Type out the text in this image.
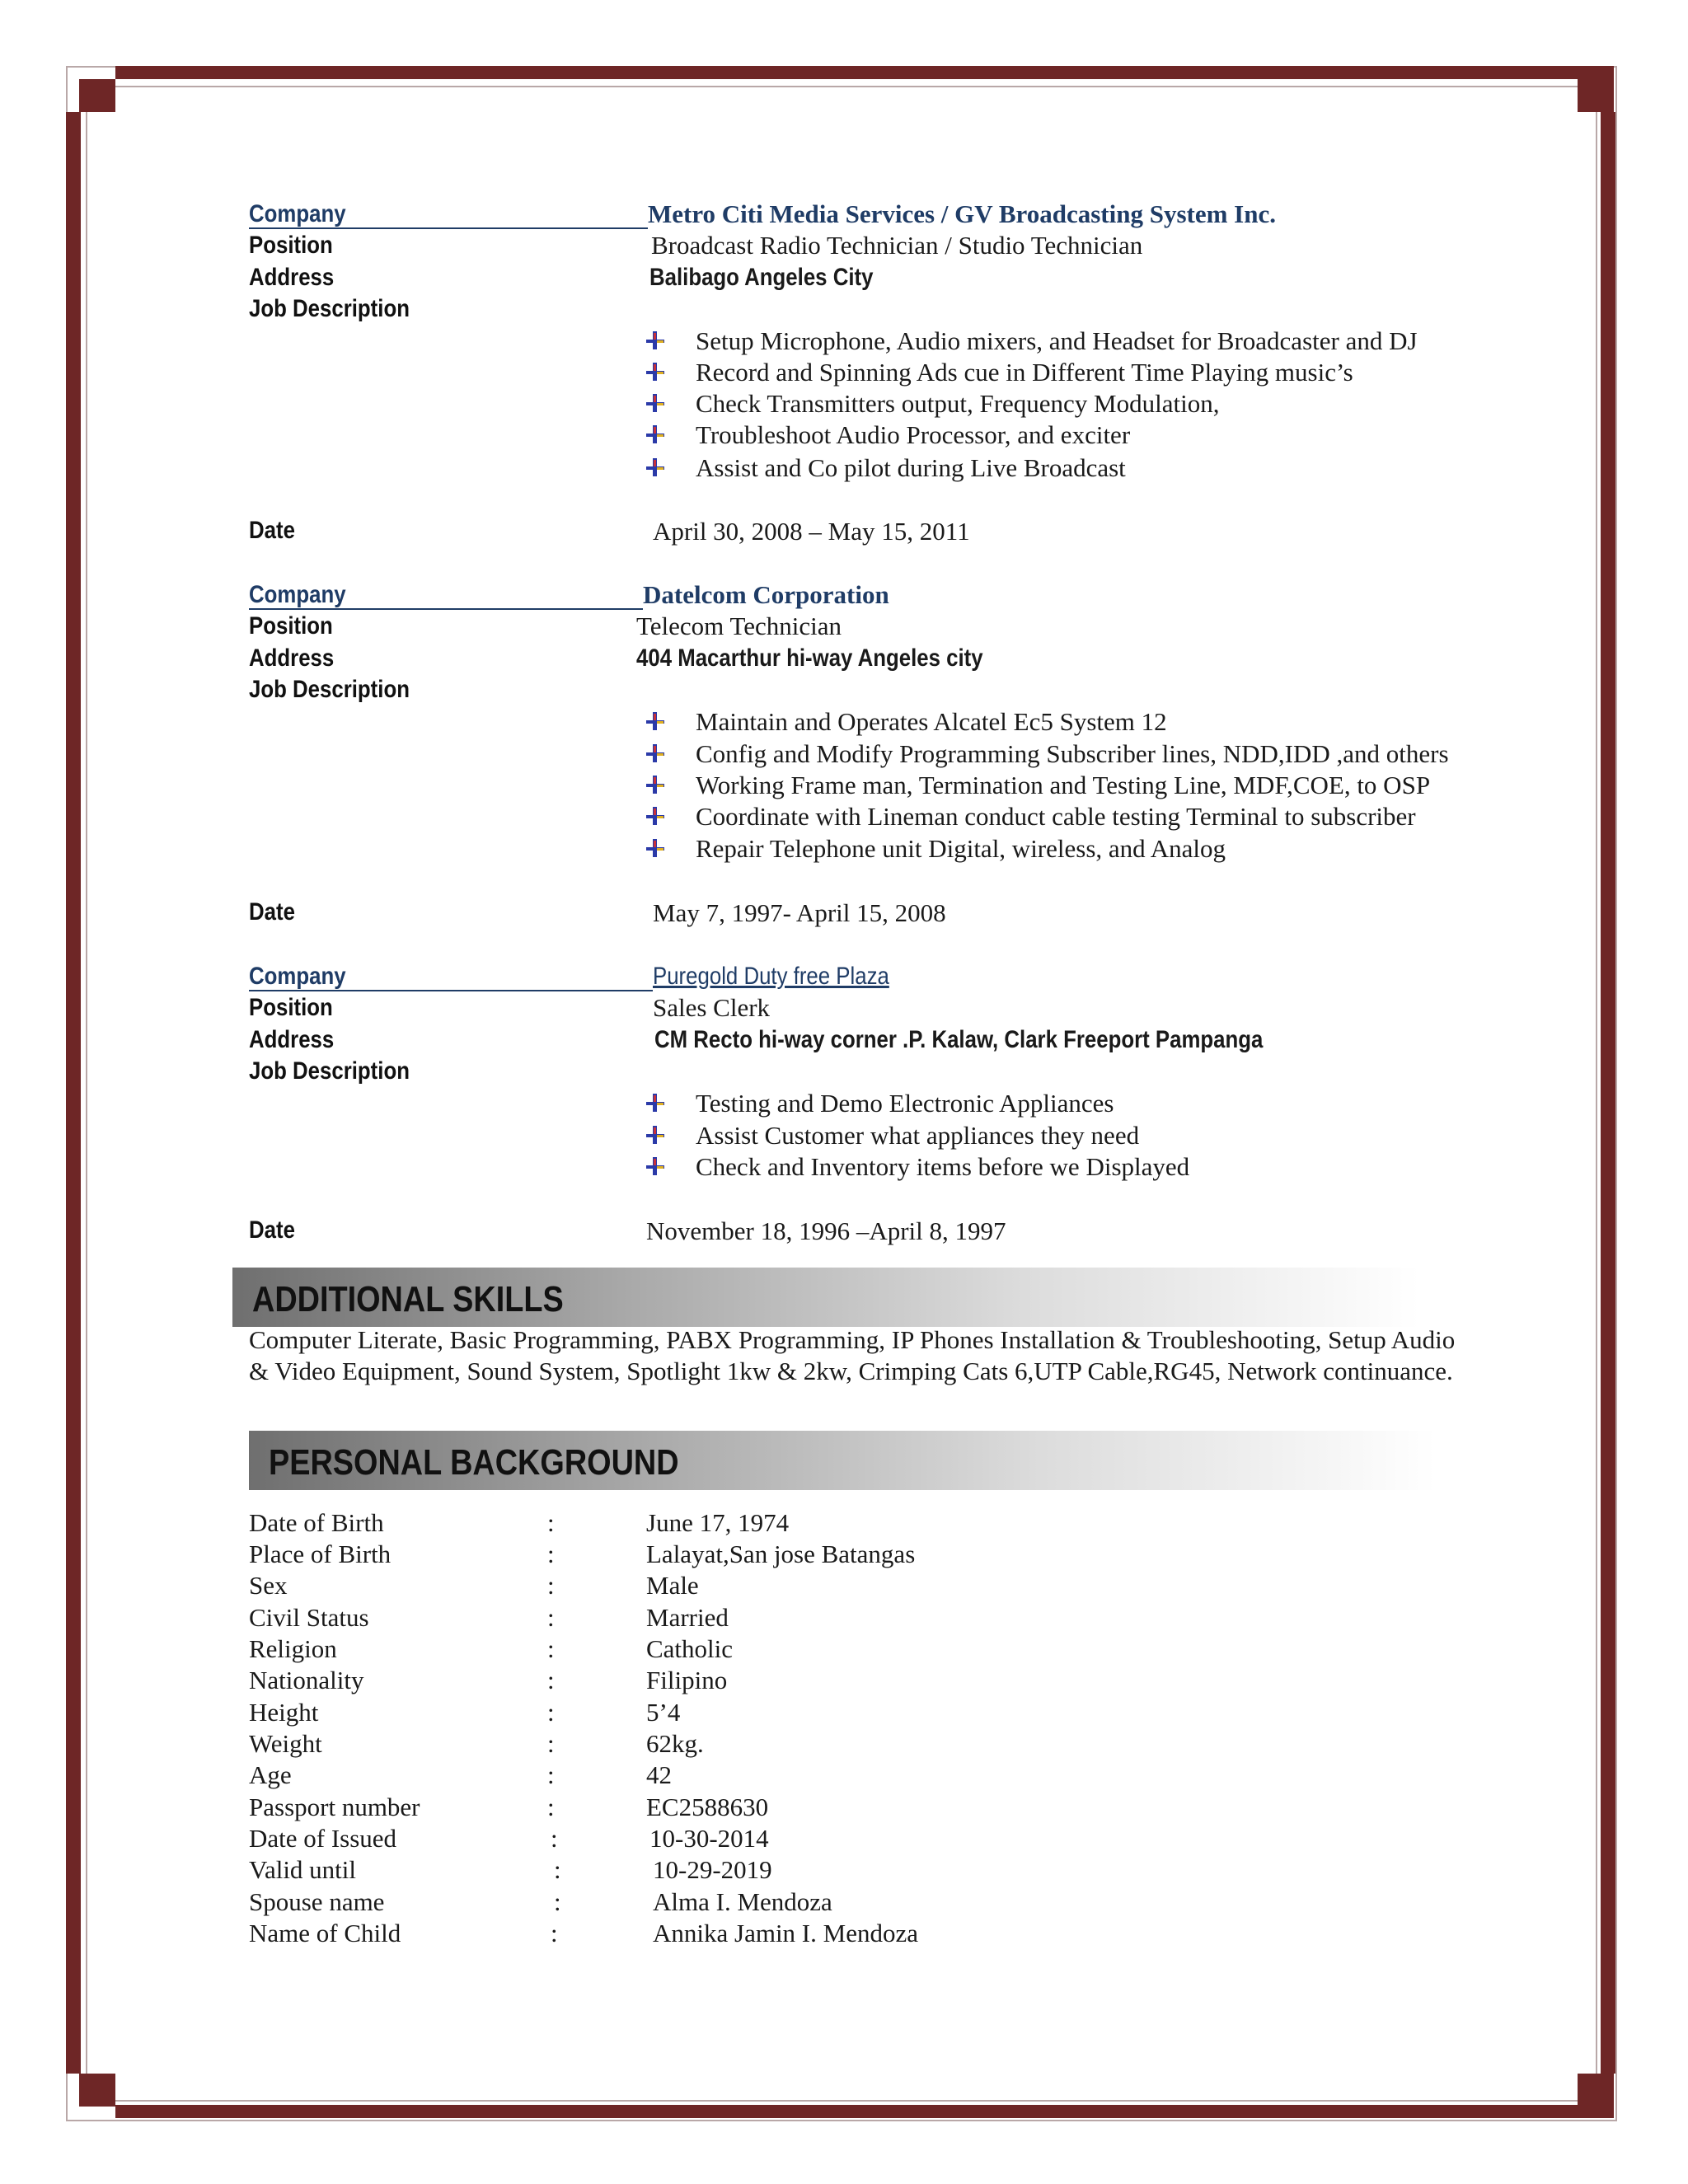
Company	Metro Citi Media Services / GV Broadcasting System Inc.
Position	Broadcast Radio Technician / Studio Technician
Address	Balibago Angeles City
Job Description
Setup Microphone, Audio mixers, and Headset for Broadcaster and DJ
Record and Spinning Ads cue in Different Time Playing music’s
Check Transmitters output, Frequency Modulation,
Troubleshoot Audio Processor, and exciter
Assist and Co pilot during Live Broadcast
Date	April 30, 2008 – May 15, 2011
Company	Datelcom Corporation
Position	Telecom Technician
Address	404 Macarthur hi-way Angeles city
Job Description
Maintain and Operates Alcatel Ec5 System 12
Config and Modify Programming Subscriber lines, NDD,IDD ,and others
Working Frame man, Termination and Testing Line, MDF,COE, to OSP
Coordinate with Lineman conduct cable testing Terminal to subscriber
Repair Telephone unit Digital, wireless, and Analog
Date	May 7, 1997- April 15, 2008
Company	Puregold Duty free Plaza
Position	Sales Clerk
Address	CM Recto hi-way corner .P. Kalaw, Clark Freeport Pampanga
Job Description
Testing and Demo Electronic Appliances
Assist Customer what appliances they need
Check and Inventory items before we Displayed
Date	November 18, 1996 –April 8, 1997
ADDITIONAL SKILLS
Computer Literate, Basic Programming, PABX Programming, IP Phones Installation & Troubleshooting, Setup Audio
& Video Equipment, Sound System, Spotlight 1kw & 2kw, Crimping Cats 6,UTP Cable,RG45, Network continuance.
PERSONAL BACKGROUND
Date of Birth	:	June 17, 1974
Place of Birth	:	Lalayat,San jose Batangas
Sex	:	Male
Civil Status	:	Married
Religion	:	Catholic
Nationality	:	Filipino
Height	:	5’4
Weight	:	62kg.
Age	:	42
Passport number	:	EC2588630
Date of Issued	:	10-30-2014
Valid until	:	10-29-2019
Spouse name	:	Alma I. Mendoza
Name of Child	:	Annika Jamin I. Mendoza
